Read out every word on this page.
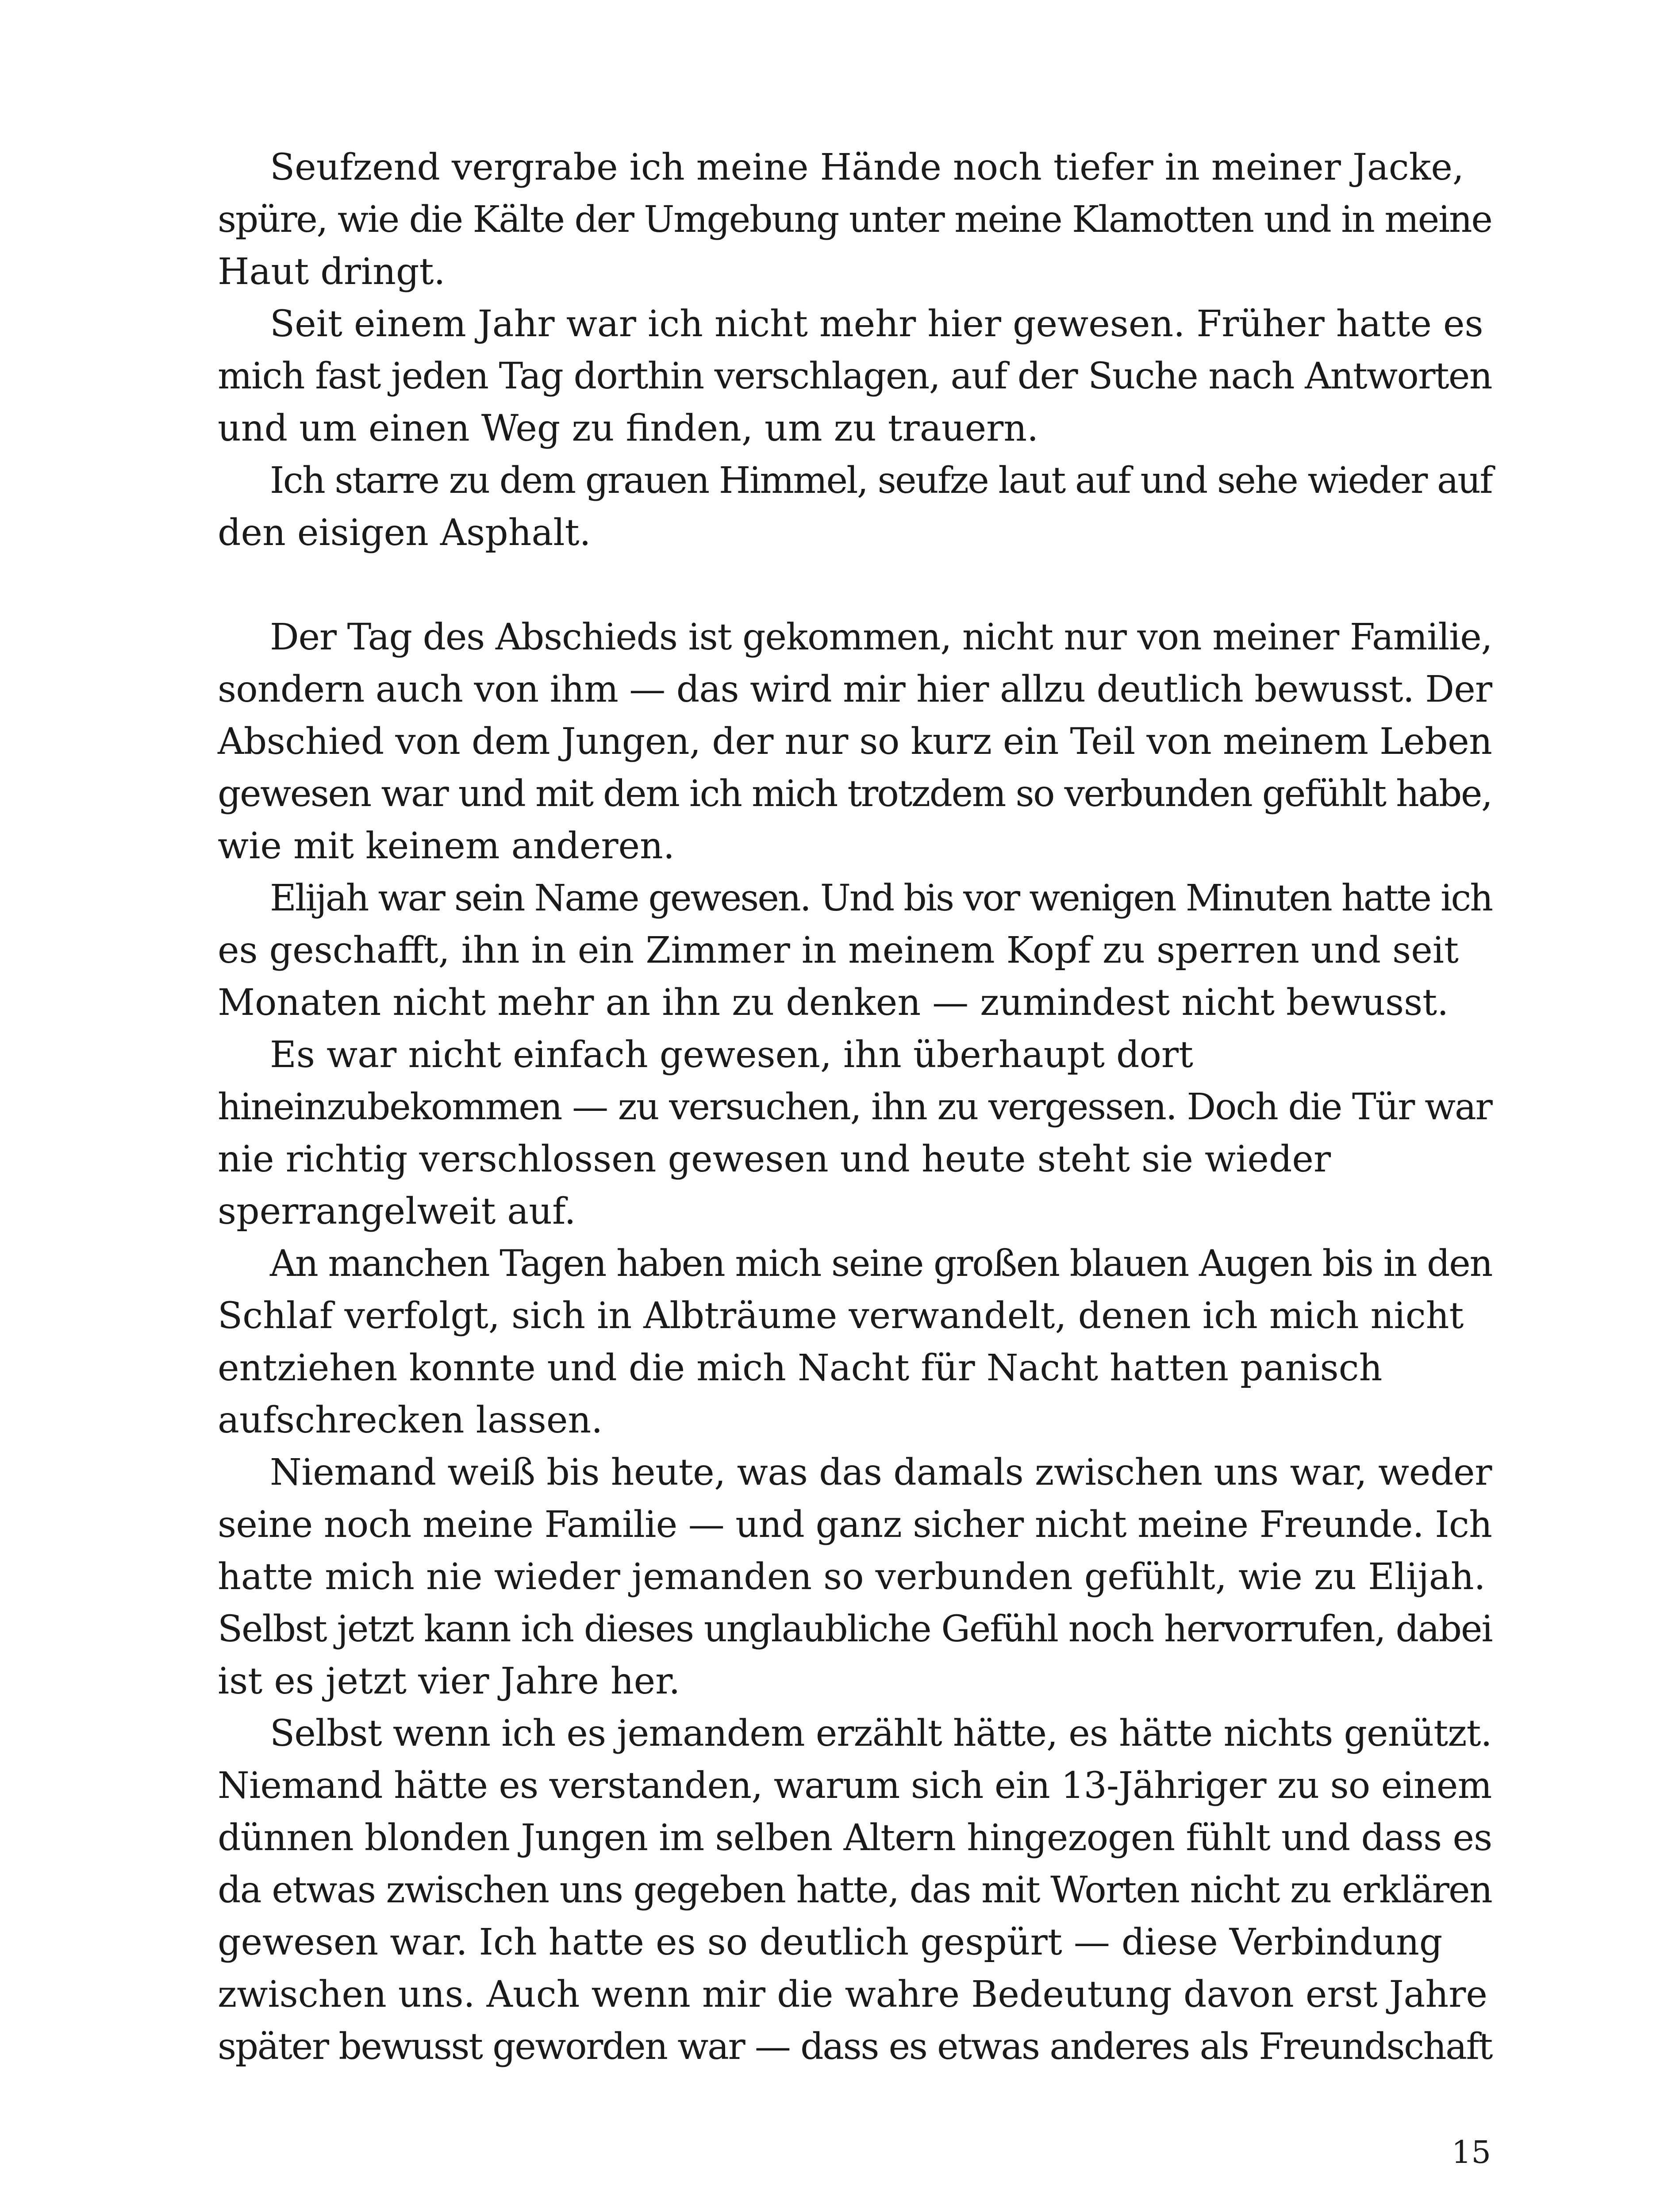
Seufzend vergrabe ich meine Hände noch tiefer in meiner Jacke,
spüre, wie die Kälte der Umgebung unter meine Klamotten und in meine
Haut dringt.
Seit einem Jahr war ich nicht mehr hier gewesen. Früher hatte es
mich fast jeden Tag dorthin verschlagen, auf der Suche nach Antworten
und um einen Weg zu finden, um zu trauern.
Ich starre zu dem grauen Himmel, seufze laut auf und sehe wieder auf
den eisigen Asphalt.
Der Tag des Abschieds ist gekommen, nicht nur von meiner Familie,
sondern auch von ihm — das wird mir hier allzu deutlich bewusst. Der
Abschied von dem Jungen, der nur so kurz ein Teil von meinem Leben
gewesen war und mit dem ich mich trotzdem so verbunden gefühlt habe,
wie mit keinem anderen.
Elijah war sein Name gewesen. Und bis vor wenigen Minuten hatte ich
es geschafft, ihn in ein Zimmer in meinem Kopf zu sperren und seit
Monaten nicht mehr an ihn zu denken — zumindest nicht bewusst.
Es war nicht einfach gewesen, ihn überhaupt dort
hineinzubekommen — zu versuchen, ihn zu vergessen. Doch die Tür war
nie richtig verschlossen gewesen und heute steht sie wieder
sperrangelweit auf.
An manchen Tagen haben mich seine großen blauen Augen bis in den
Schlaf verfolgt, sich in Albträume verwandelt, denen ich mich nicht
entziehen konnte und die mich Nacht für Nacht hatten panisch
aufschrecken lassen.
Niemand weiß bis heute, was das damals zwischen uns war, weder
seine noch meine Familie — und ganz sicher nicht meine Freunde. Ich
hatte mich nie wieder jemanden so verbunden gefühlt, wie zu Elijah.
Selbst jetzt kann ich dieses unglaubliche Gefühl noch hervorrufen, dabei
ist es jetzt vier Jahre her.
Selbst wenn ich es jemandem erzählt hätte, es hätte nichts genützt.
Niemand hätte es verstanden, warum sich ein 13-Jähriger zu so einem
dünnen blonden Jungen im selben Altern hingezogen fühlt und dass es
da etwas zwischen uns gegeben hatte, das mit Worten nicht zu erklären
gewesen war. Ich hatte es so deutlich gespürt — diese Verbindung
zwischen uns. Auch wenn mir die wahre Bedeutung davon erst Jahre
später bewusst geworden war — dass es etwas anderes als Freundschaft
15
